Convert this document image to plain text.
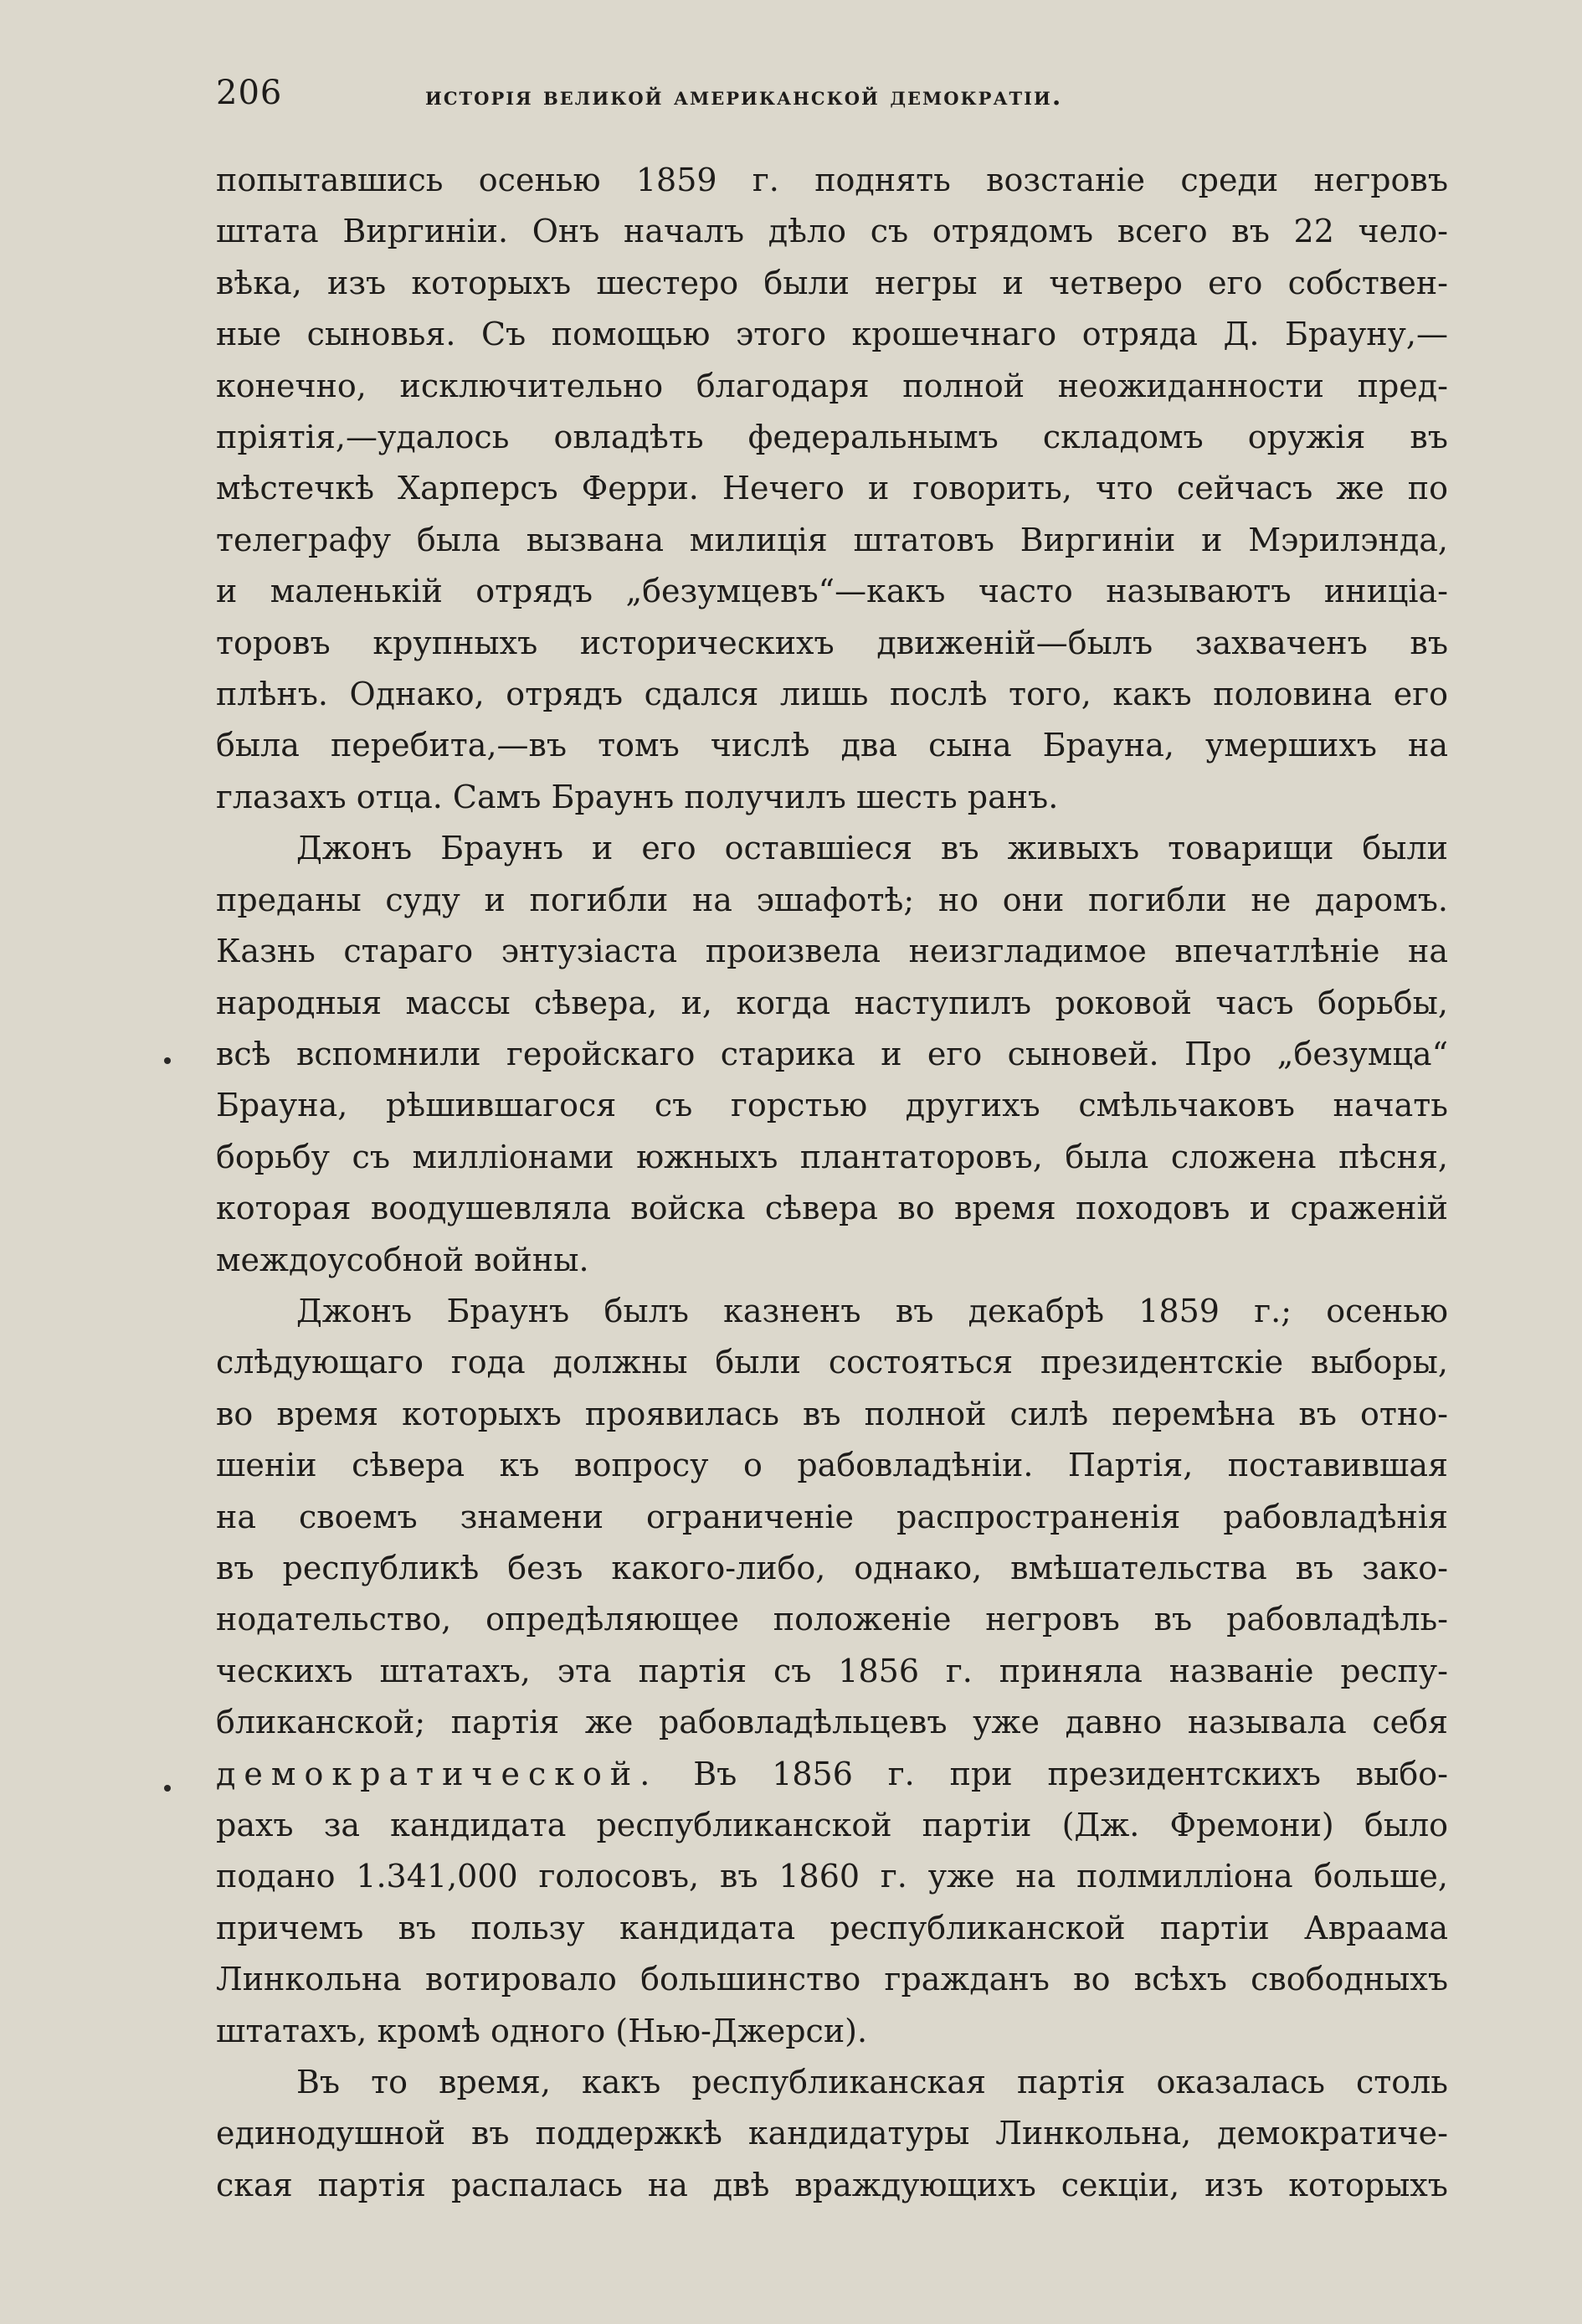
206	исторія великой американской демократіи.

попытавшись осенью 1859 г. поднять возстаніе среди негровъ
штата Виргиніи. Онъ началъ дѣло съ отрядомъ всего въ 22 чело-
вѣка, изъ которыхъ шестеро были негры и четверо его собствен-
ные сыновья. Съ помощью этого крошечнаго отряда Д. Брауну,—
конечно, исключительно благодаря полной неожиданности пред-
пріятія,—удалось овладѣть федеральнымъ складомъ оружія въ
мѣстечкѣ Харперсъ Ферри. Нечего и говорить, что сейчасъ же по
телеграфу была вызвана милиція штатовъ Виргиніи и Мэрилэнда,
и маленькій отрядъ „безумцевъ“—какъ часто называютъ иниціа-
торовъ крупныхъ историческихъ движеній—былъ захваченъ въ
плѣнъ. Однако, отрядъ сдался лишь послѣ того, какъ половина его
была перебита,—въ томъ числѣ два сына Брауна, умершихъ на
глазахъ отца. Самъ Браунъ получилъ шесть ранъ.

Джонъ Браунъ и его оставшіеся въ живыхъ товарищи были
преданы суду и погибли на эшафотѣ; но они погибли не даромъ.
Казнь стараго энтузіаста произвела неизгладимое впечатлѣніе на
народныя массы сѣвера, и, когда наступилъ роковой часъ борьбы,
всѣ вспомнили геройскаго старика и его сыновей. Про „безумца“
Брауна, рѣшившагося съ горстью другихъ смѣльчаковъ начать
борьбу съ милліонами южныхъ плантаторовъ, была сложена пѣсня,
которая воодушевляла войска сѣвера во время походовъ и сраженій
междоусобной войны.

Джонъ Браунъ былъ казненъ въ декабрѣ 1859 г.; осенью
слѣдующаго года должны были состояться президентскіе выборы,
во время которыхъ проявилась въ полной силѣ перемѣна въ отно-
шеніи сѣвера къ вопросу о рабовладѣніи. Партія, поставившая
на своемъ знамени ограниченіе распространенія рабовладѣнія
въ республикѣ безъ какого-либо, однако, вмѣшательства въ зако-
нодательство, опредѣляющее положеніе негровъ въ рабовладѣль-
ческихъ штатахъ, эта партія съ 1856 г. приняла названіе респу-
бликанской; партія же рабовладѣльцевъ уже давно называла себя
демократической. Въ 1856 г. при президентскихъ выбо-
рахъ за кандидата республиканской партіи (Дж. Фремони) было
подано 1.341,000 голосовъ, въ 1860 г. уже на полмилліона больше,
причемъ въ пользу кандидата республиканской партіи Авраама
Линкольна вотировало большинство гражданъ во всѣхъ свободныхъ
штатахъ, кромѣ одного (Нью-Джерси).

Въ то время, какъ республиканская партія оказалась столь
единодушной въ поддержкѣ кандидатуры Линкольна, демократиче-
ская партія распалась на двѣ враждующихъ секціи, изъ которыхъ
